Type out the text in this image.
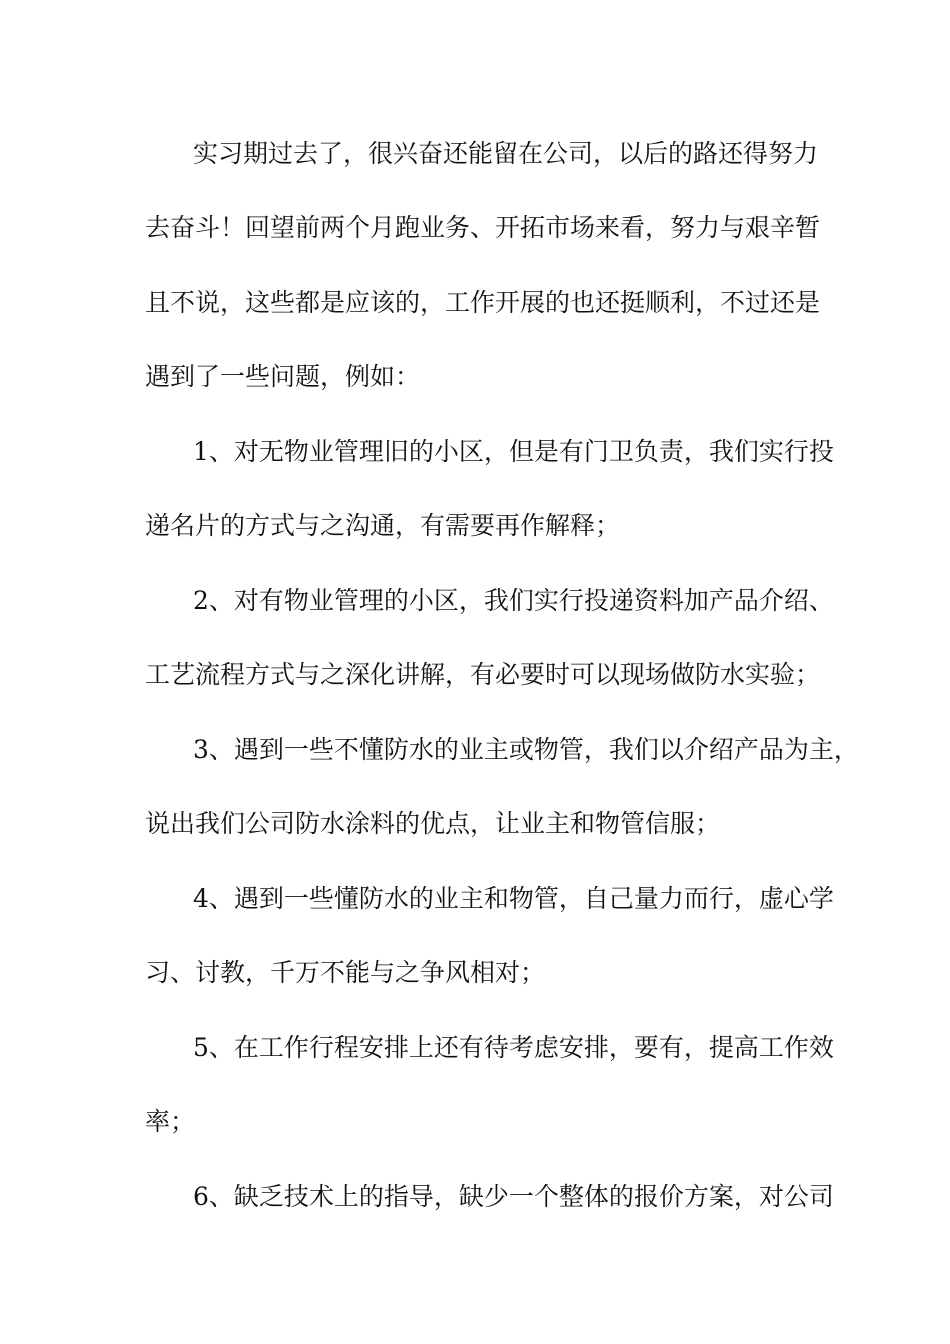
实习期过去了，很兴奋还能留在公司，以后的路还得努力
去奋斗！回望前两个月跑业务、开拓市场来看，努力与艰辛暂
且不说，这些都是应该的，工作开展的也还挺顺利，不过还是
遇到了一些问题，例如：
1、对无物业管理旧的小区，但是有门卫负责，我们实行投
递名片的方式与之沟通，有需要再作解释；
2、对有物业管理的小区，我们实行投递资料加产品介绍、
工艺流程方式与之深化讲解，有必要时可以现场做防水实验；
3、遇到一些不懂防水的业主或物管，我们以介绍产品为主，
说出我们公司防水涂料的优点，让业主和物管信服；
4、遇到一些懂防水的业主和物管，自己量力而行，虚心学
习、讨教，千万不能与之争风相对；
5、在工作行程安排上还有待考虑安排，要有，提高工作效
率；
6、缺乏技术上的指导，缺少一个整体的报价方案，对公司
